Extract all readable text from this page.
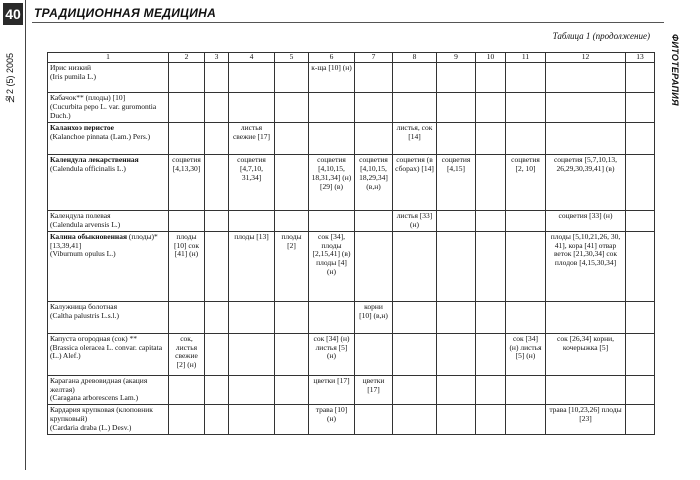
40
№2 (5) 2005
ТРАДИЦИОННАЯ МЕДИЦИНА
ФИТОТЕРАПИЯ
Таблица 1 (продолжение)
1	2	3	4	5	6	7	8	9	10	11	12	13
Ирис низкий
(Iris pumila L.)					к-ща [10] (н)							
Кабачок** (плоды) [10]
(Cucurbita pepo L. var. guromontia Duch.)												
Каланхоэ перистое
(Kalanchoe pinnata (Lam.) Pers.)			листья свежие [17]				листья, сок [14]					
Календула лекарственная
(Calendula officinalis L.)	соцветия [4,13,30]		соцветия [4,7,10, 31,34]		соцветия [4,10,15, 18,31,34] (н) [29] (в)	соцветия [4,10,15, 18,29,34] (в,н)	соцветия (в сборах) [14]	соцветия [4,15]		соцветия [2, 10]	соцветия [5,7,10,13, 26,29,30,39,41] (в)	
Календула полевая
(Calendula arvensis L.)							листья [33] (н)				соцветия [33] (н)	
Калина обыкновенная (плоды)* [13,39,41]
(Viburnum opulus L.)	плоды [10] сок [41] (н)		плоды [13]	плоды [2]	сок [34], плоды [2,15,41] (в) плоды [4] (н)						плоды [5,10,21,26, 30, 41], кора [41] отвар веток [21,30,34] сок плодов [4,15,30,34]	
Калужница болотная
(Caltha palustris L.s.l.)						корни [10] (в,н)						
Капуста огородная (сок) **
(Brassica oleracea L. convar. capitata (L.) Alef.)	сок, листья свежие [2] (н)				сок [34] (н) листья [5] (н)					сок [34] (н) листья [5] (н)	сок [26,34] корни, кочерыжка [5]	
Карагана древовидная (акация желтая)
(Caragana arborescens Lam.)					цветки [17]	цветки [17]						
Кардария крупковая (клоповник крупковый)
(Cardaria draba (L.) Desv.)					трава [10] (н)						трава [10,23,26] плоды [23]	
